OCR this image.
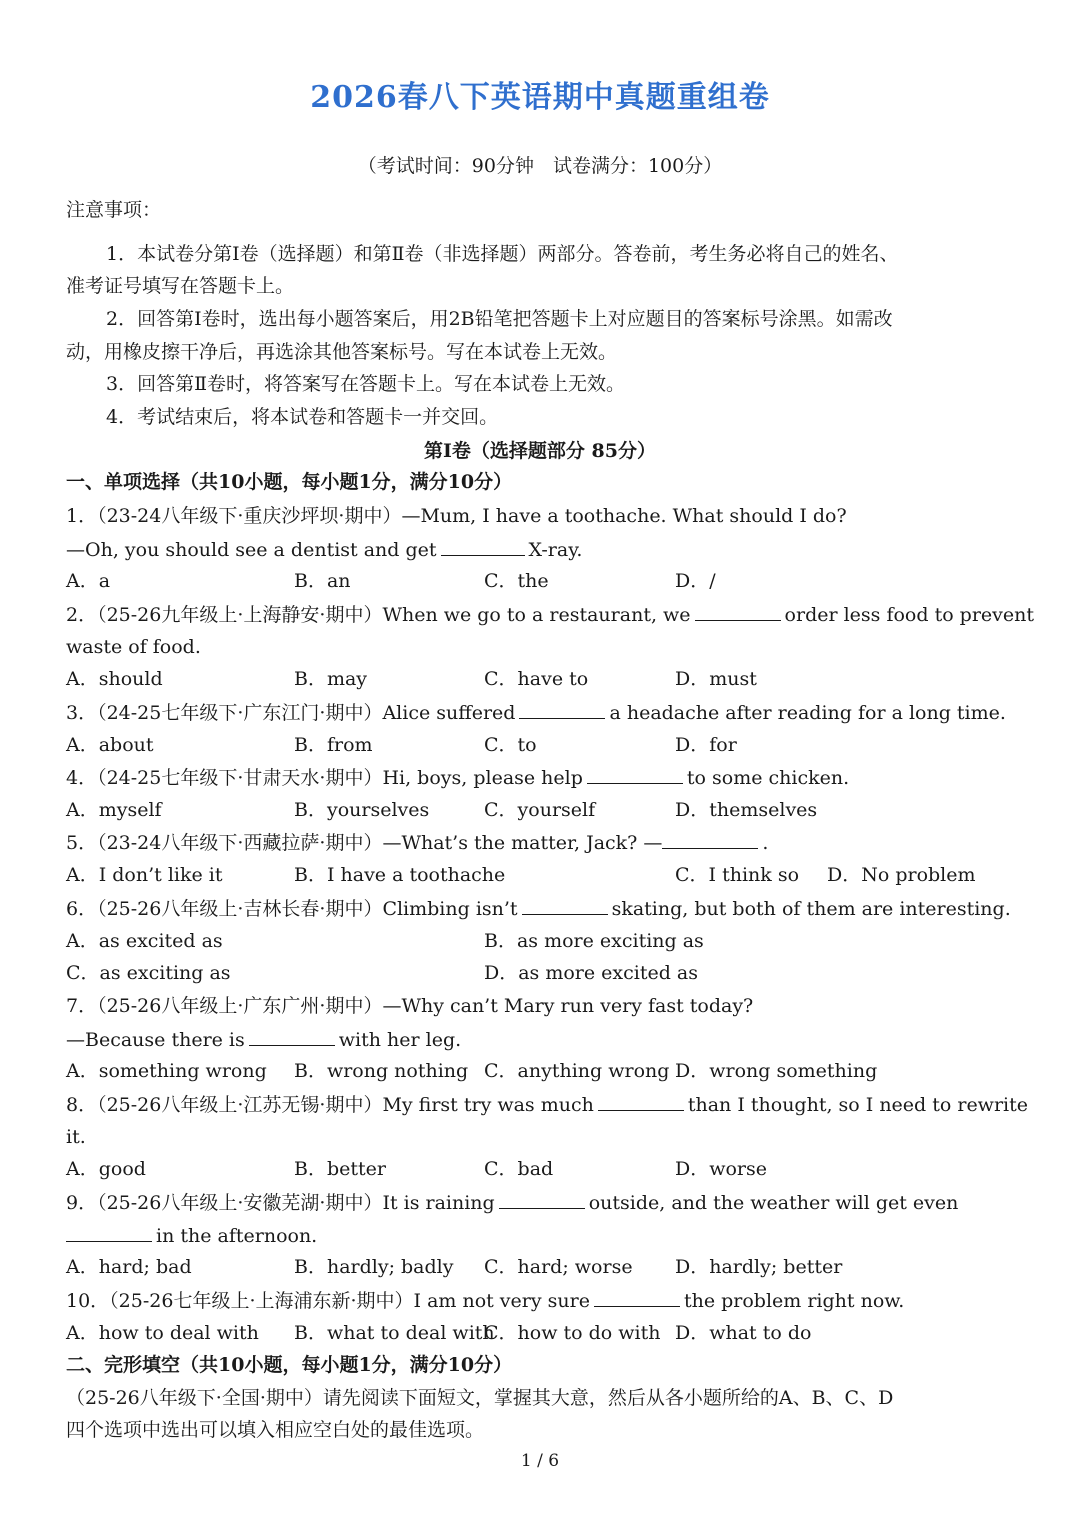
2026春八下英语期中真题重组卷
（考试时间：90分钟　试卷满分：100分）
注意事项：
1．本试卷分第Ⅰ卷（选择题）和第Ⅱ卷（非选择题）两部分。答卷前，考生务必将自己的姓名、
准考证号填写在答题卡上。
2．回答第Ⅰ卷时，选出每小题答案后，用2B铅笔把答题卡上对应题目的答案标号涂黑。如需改
动，用橡皮擦干净后，再选涂其他答案标号。写在本试卷上无效。
3．回答第Ⅱ卷时，将答案写在答题卡上。写在本试卷上无效。
4．考试结束后，将本试卷和答题卡一并交回。
第Ⅰ卷（选择题部分 85分）
一、单项选择（共10小题，每小题1分，满分10分）
1．（23-24八年级下·重庆沙坪坝·期中）—Mum, I have a toothache. What should I do?
—Oh, you should see a dentist and get	X-ray.
A．a	B．an	C．the	D．/
2．（25-26九年级上·上海静安·期中）When we go to a restaurant, we	order less food to prevent
waste of food.
A．should	B．may	C．have to	D．must
3．（24-25七年级下·广东江门·期中）Alice suffered	a headache after reading for a long time.
A．about	B．from	C．to	D．for
4．（24-25七年级下·甘肃天水·期中）Hi, boys, please help	to some chicken.
A．myself	B．yourselves	C．yourself	D．themselves
5．（23-24八年级下·西藏拉萨·期中）—What’s the matter, Jack? —	.
A．I don’t like it	B．I have a toothache	C．I think so D．No problem
6．（25-26八年级上·吉林长春·期中）Climbing isn’t	skating, but both of them are interesting.
A．as excited as	B．as more exciting as
C．as exciting as	D．as more excited as
7．（25-26八年级上·广东广州·期中）—Why can’t Mary run very fast today?
—Because there is	with her leg.
A．something wrong B．wrong nothing C．anything wrong D．wrong something
8．（25-26八年级上·江苏无锡·期中）My first try was much	than I thought, so I need to rewrite
it.
A．good	B．better	C．bad	D．worse
9．（25-26八年级上·安徽芜湖·期中）It is raining	outside, and the weather will get even
in the afternoon.
A．hard; bad	B．hardly; badly C．hard; worse D．hardly; better
10．（25-26七年级上·上海浦东新·期中）I am not very sure	the problem right now.
A．how to deal with B．what to deal with
C．how to do with D．what to do
二、完形填空（共10小题，每小题1分，满分10分）
（25-26八年级下·全国·期中）请先阅读下面短文，掌握其大意，然后从各小题所给的A、B、C、D
四个选项中选出可以填入相应空白处的最佳选项。
1 / 6
